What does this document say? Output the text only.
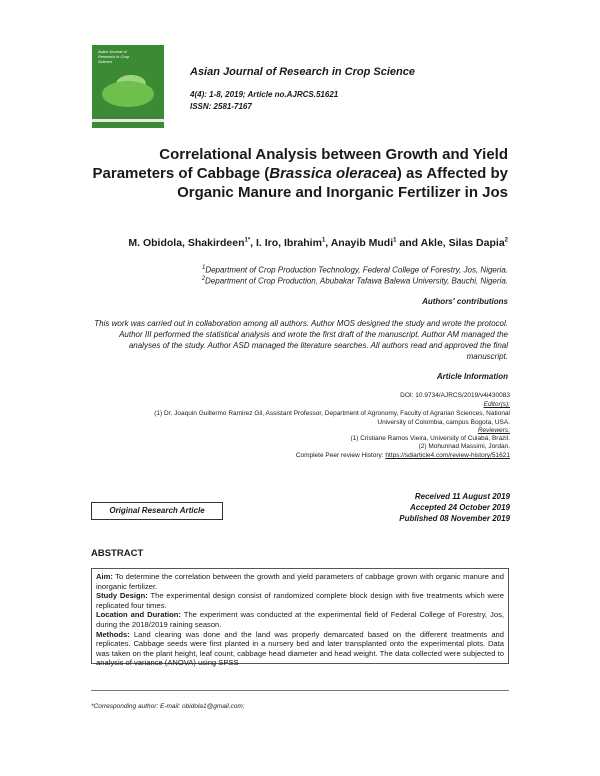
Asian Journal of
Research in Crop
Science
Asian Journal of Research in Crop Science
4(4): 1-8, 2019; Article no.AJRCS.51621
ISSN: 2581-7167
Correlational Analysis between Growth and Yield Parameters of Cabbage (Brassica oleracea) as Affected by Organic Manure and Inorganic Fertilizer in Jos
M. Obidola, Shakirdeen$^{1*}$, I. Iro, Ibrahim$^1$, Anayib Mudi$^1$ and Akle, Silas Dapia$^2$
$^1$Department of Crop Production Technology, Federal College of Forestry, Jos, Nigeria.
$^2$Department of Crop Production, Abubakar Tafawa Balewa University, Bauchi, Nigeria.
Authors' contributions
This work was carried out in collaboration among all authors. Author MOS designed the study and wrote the protocol. Author III performed the statistical analysis and wrote the first draft of the manuscript. Author AM managed the analyses of the study. Author ASD managed the literature searches. All authors read and approved the final manuscript.
Article Information
DOI: 10.9734/AJRCS/2019/v4i430083
Editor(s):
(1) Dr. Joaquin Guillermo Ramirez Gil, Assistant Professor, Department of Agronomy, Faculty of Agrarian Sciences, National
University of Colombia, campus Bogota, USA.
Reviewers:
(1) Cristiane Ramos Vieira, University of Cuiabá, Brazil.
(2) Mohunnad Massimi, Jordan.
Complete Peer review History: https://sdiarticle4.com/review-history/51621
Original Research Article
Received 11 August 2019
Accepted 24 October 2019
Published 08 November 2019
ABSTRACT
Aim: To determine the correlation between the growth and yield parameters of cabbage grown with organic manure and inorganic fertilizer.
Study Design: The experimental design consist of randomized complete block design with five treatments which were replicated four times.
Location and Duration: The experiment was conducted at the experimental field of Federal College of Forestry, Jos, during the 2018/2019 raining season.
Methods: Land clearing was done and the land was properly demarcated based on the different treatments and replicates. Cabbage seeds were first planted in a nursery bed and later transplanted onto the experimental plots. Data was taken on the plant height, leaf count, cabbage head diameter and head weight. The data collected were subjected to analysis of variance (ANOVA) using SPSS
*Corresponding author: E-mail: obidola1@gmail.com;
